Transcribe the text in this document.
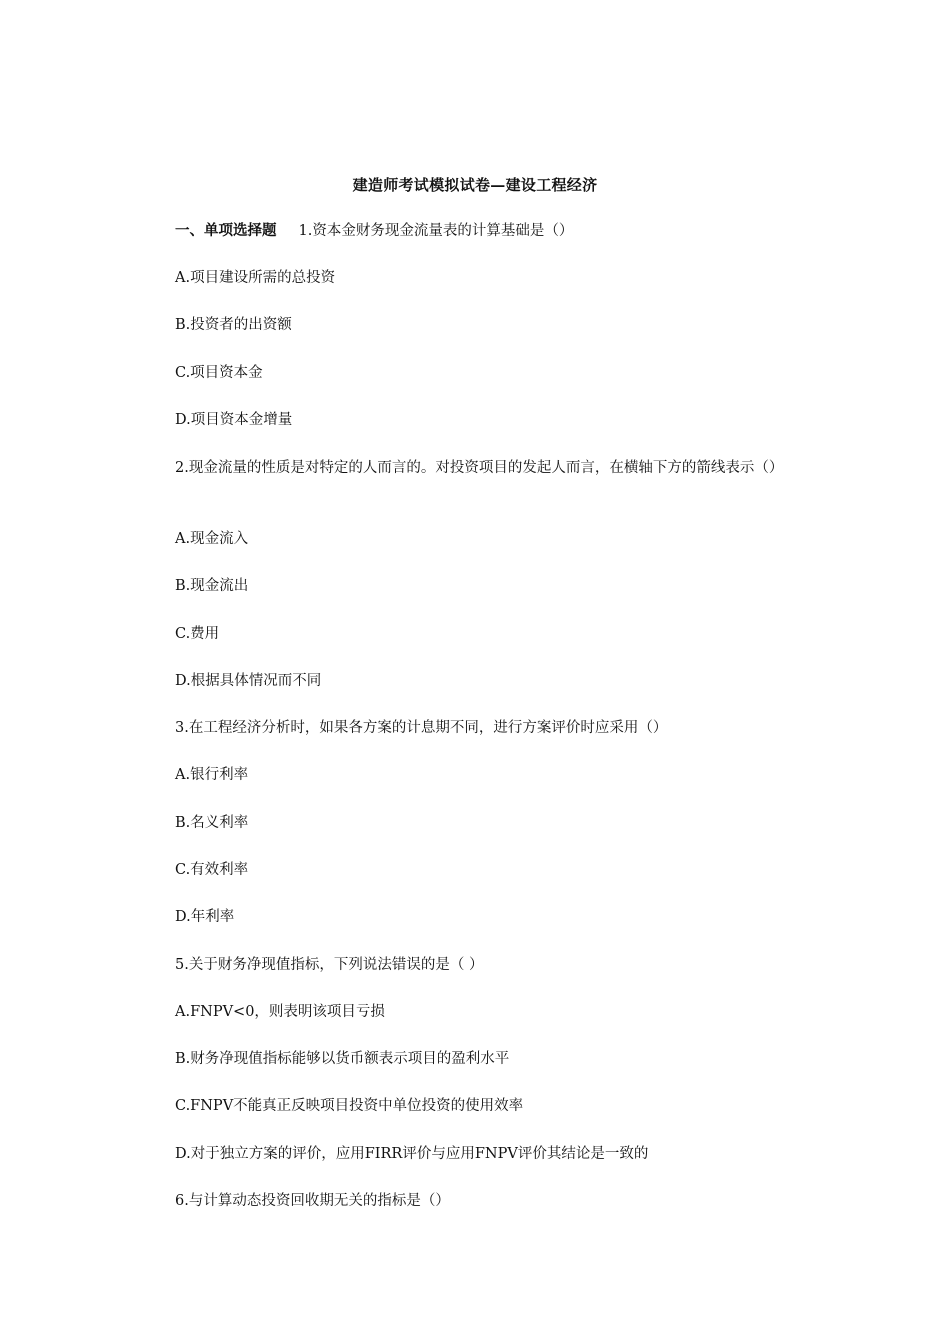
建造师考试模拟试卷—建设工程经济
一、单项选择题 1.资本金财务现金流量表的计算基础是（）
A.项目建设所需的总投资
B.投资者的出资额
C.项目资本金
D.项目资本金增量
2.现金流量的性质是对特定的人而言的。对投资项目的发起人而言，在横轴下方的箭线表示（）
A.现金流入
B.现金流出
C.费用
D.根据具体情况而不同
3.在工程经济分析时，如果各方案的计息期不同，进行方案评价时应采用（）
A.银行利率
B.名义利率
C.有效利率
D.年利率
5.关于财务净现值指标，下列说法错误的是（ ）
A.FNPV<0，则表明该项目亏损
B.财务净现值指标能够以货币额表示项目的盈利水平
C.FNPV不能真正反映项目投资中单位投资的使用效率
D.对于独立方案的评价，应用FIRR评价与应用FNPV评价其结论是一致的
6.与计算动态投资回收期无关的指标是（）
